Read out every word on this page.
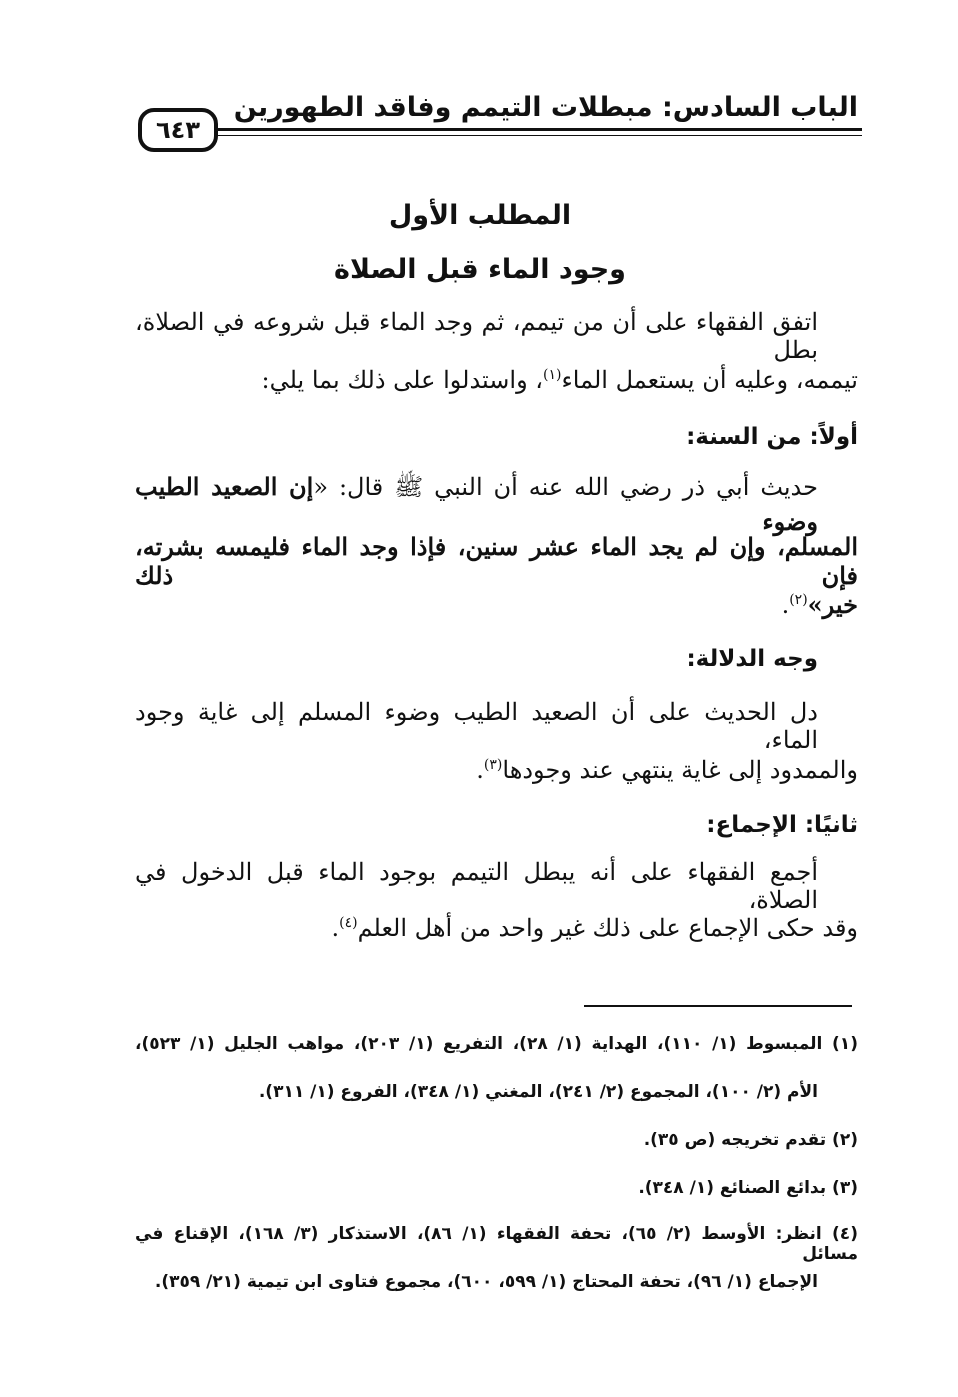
الباب السادس: مبطلات التيمم وفاقد الطهورين
٦٤٣
المطلب الأول
وجود الماء قبل الصلاة
اتفق الفقهاء على أن من تيمم، ثم وجد الماء قبل شروعه في الصلاة، بطل
تيممه، وعليه أن يستعمل الماء$^{(١)}$، واستدلوا على ذلك بما يلي:
أولاً: من السنة:
حديث أبي ذر رضي الله عنه أن النبي ﷺ قال: «إن الصعيد الطيب وضوء
المسلم، وإن لم يجد الماء عشر سنين، فإذا وجد الماء فليمسه بشرته، فإن ذلك
خير»$^{(٢)}$.
وجه الدلالة:
دل الحديث على أن الصعيد الطيب وضوء المسلم إلى غاية وجود الماء،
والممدود إلى غاية ينتهي عند وجودها$^{(٣)}$.
ثانيًا: الإجماع:
أجمع الفقهاء على أنه يبطل التيمم بوجود الماء قبل الدخول في الصلاة،
وقد حكى الإجماع على ذلك غير واحد من أهل العلم$^{(٤)}$.
(١) المبسوط (١/ ١١٠)، الهداية (١/ ٢٨)، التفريع (١/ ٢٠٣)، مواهب الجليل (١/ ٥٢٣)،
الأم (٢/ ١٠٠)، المجموع (٢/ ٢٤١)، المغني (١/ ٣٤٨)، الفروع (١/ ٣١١).
(٢) تقدم تخريجه (ص ٣٥).
(٣) بدائع الصنائع (١/ ٣٤٨).
(٤) انظر: الأوسط (٢/ ٦٥)، تحفة الفقهاء (١/ ٨٦)، الاستذكار (٣/ ١٦٨)، الإقناع في مسائل
الإجماع (١/ ٩٦)، تحفة المحتاج (١/ ٥٩٩، ٦٠٠)، مجموع فتاوى ابن تيمية (٢١/ ٣٥٩).
